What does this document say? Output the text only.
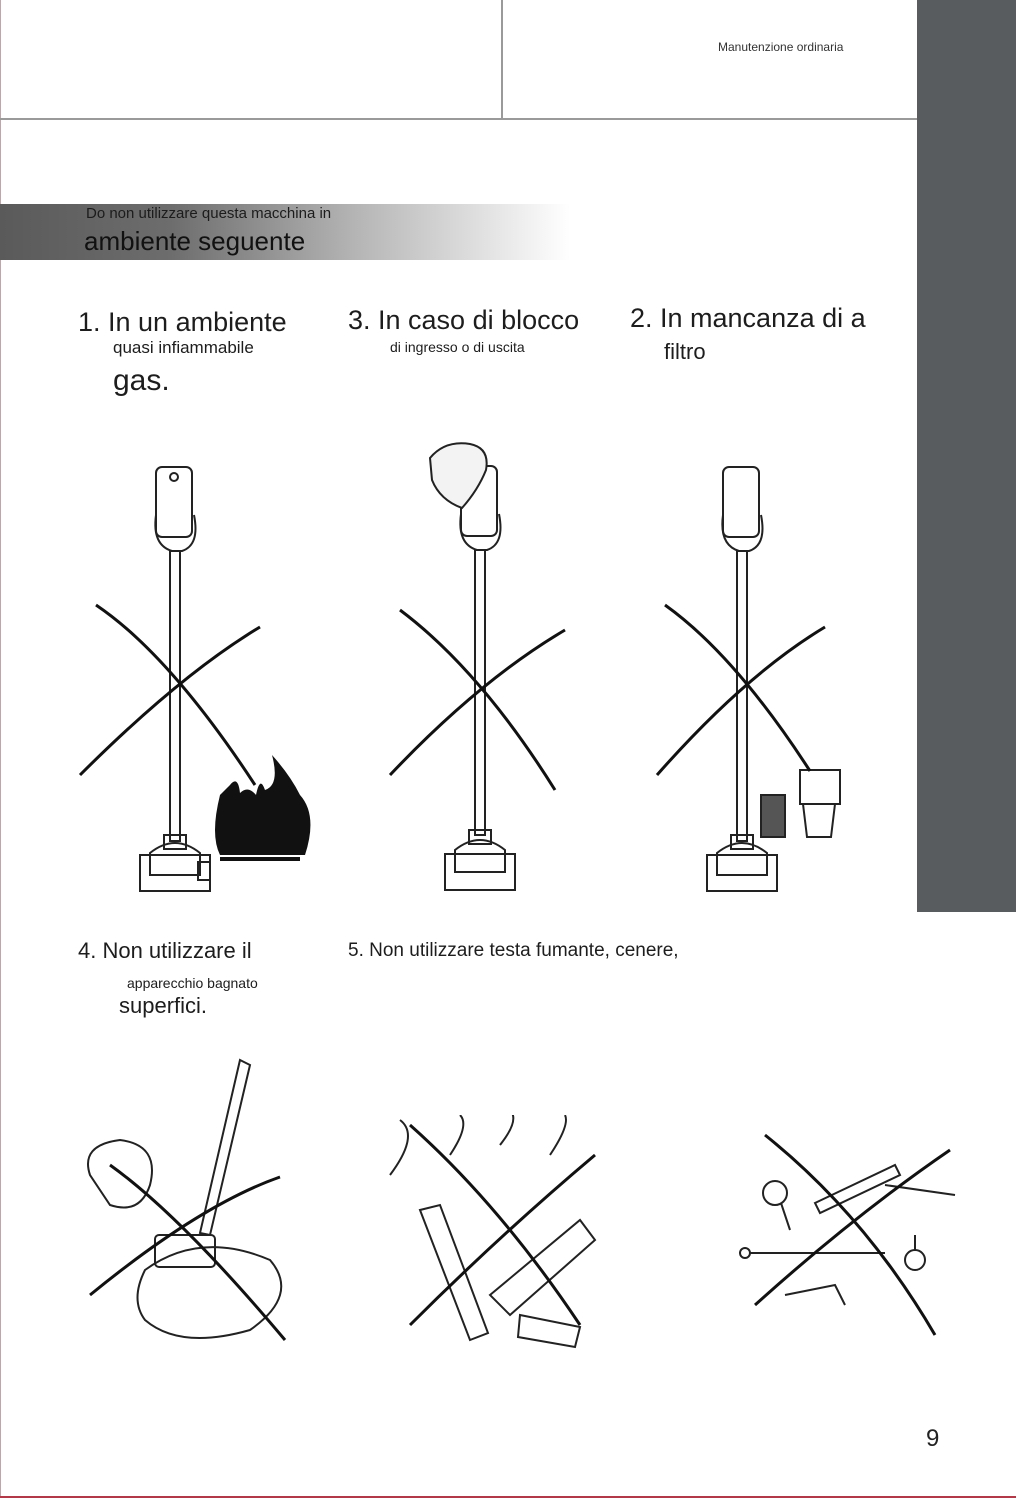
Manutenzione ordinaria
Do non utilizzare questa macchina in
ambiente seguente
1. In un ambiente
quasi infiammabile
gas.
3. In caso di blocco
di ingresso o di uscita
2. In mancanza di a
filtro
4. Non utilizzare il
apparecchio bagnato
superfici.
5. Non utilizzare testa fumante, cenere,
9
